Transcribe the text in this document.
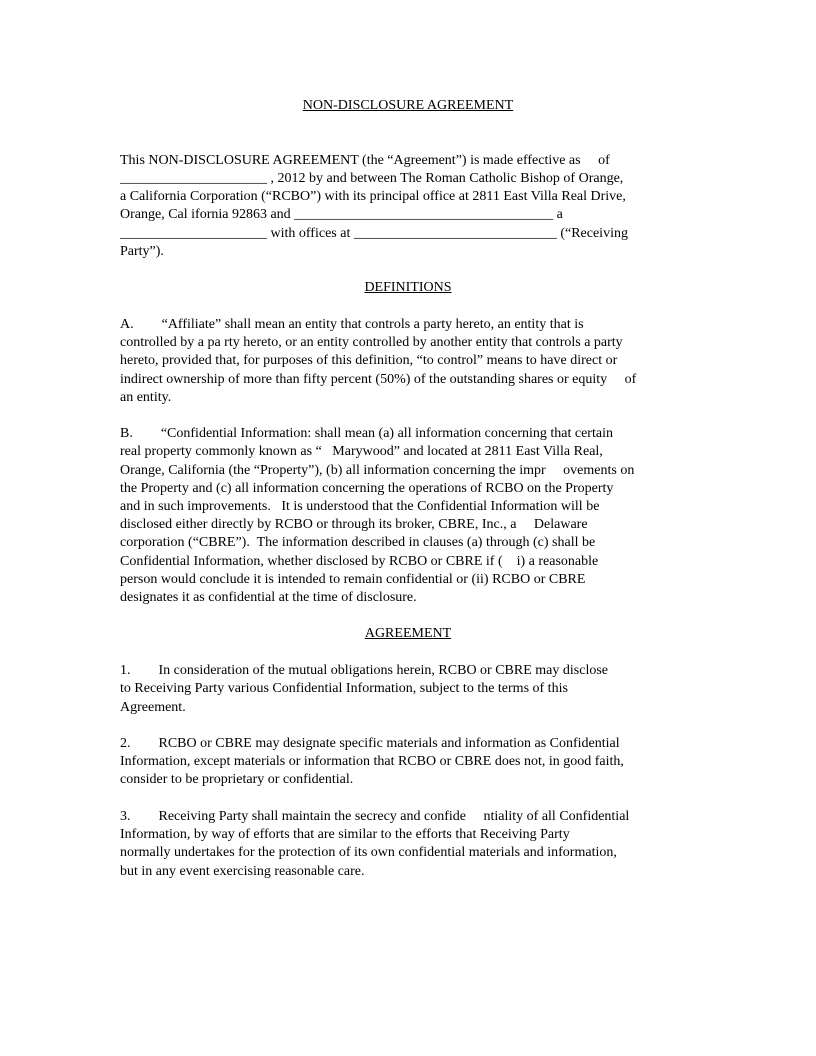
NON-DISCLOSURE AGREEMENT
This NON-DISCLOSURE AGREEMENT (the “Agreement”) is made effective as     of
_____________________ , 2012 by and between The Roman Catholic Bishop of Orange,
a California Corporation (“RCBO”) with its principal office at 2811 East Villa Real Drive,
Orange, Cal ifornia 92863 and _____________________________________ a
_____________________ with offices at _____________________________ (“Receiving
Party”).
DEFINITIONS
A.        “Affiliate” shall mean an entity that controls a party hereto, an entity that is
controlled by a pa rty hereto, or an entity controlled by another entity that controls a party
hereto, provided that, for purposes of this definition, “to control” means to have direct or
indirect ownership of more than fifty percent (50%) of the outstanding shares or equity     of
an entity.
B.        “Confidential Information: shall mean (a) all information concerning that certain
real property commonly known as “   Marywood” and located at 2811 East Villa Real,
Orange, California (the “Property”), (b) all information concerning the impr     ovements on
the Property and (c) all information concerning the operations of RCBO on the Property
and in such improvements.   It is understood that the Confidential Information will be
disclosed either directly by RCBO or through its broker, CBRE, Inc., a     Delaware
corporation (“CBRE”).  The information described in clauses (a) through (c) shall be
Confidential Information, whether disclosed by RCBO or CBRE if (    i) a reasonable
person would conclude it is intended to remain confidential or (ii) RCBO or CBRE
designates it as confidential at the time of disclosure.
AGREEMENT
1.        In consideration of the mutual obligations herein, RCBO or CBRE may disclose
to Receiving Party various Confidential Information, subject to the terms of this
Agreement.
2.        RCBO or CBRE may designate specific materials and information as Confidential
Information, except materials or information that RCBO or CBRE does not, in good faith,
consider to be proprietary or confidential.
3.        Receiving Party shall maintain the secrecy and confide     ntiality of all Confidential
Information, by way of efforts that are similar to the efforts that Receiving Party
normally undertakes for the protection of its own confidential materials and information,
but in any event exercising reasonable care.
